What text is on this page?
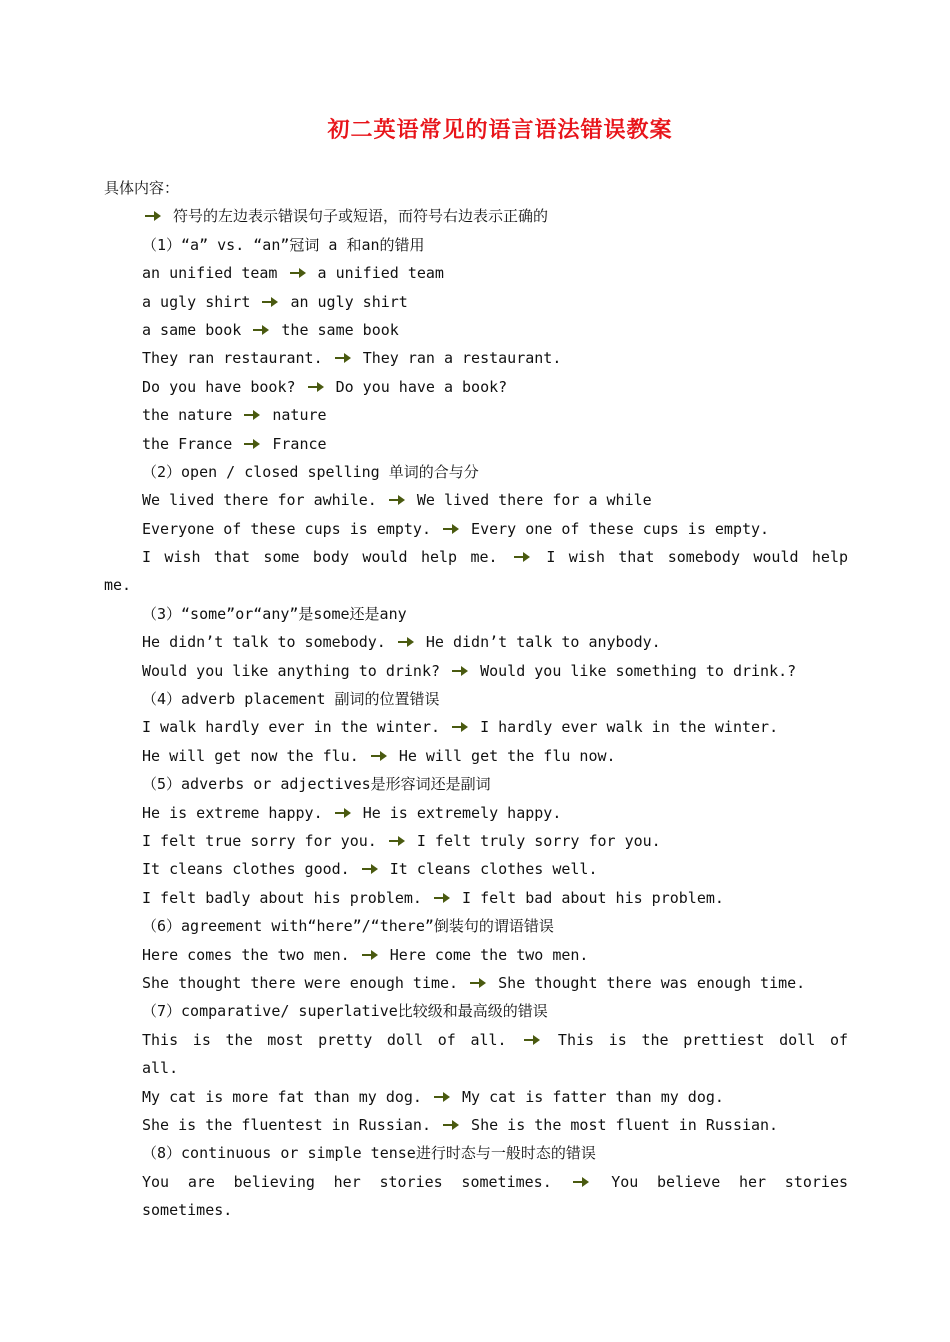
初二英语常见的语言语法错误教案
具体内容：
符号的左边表示错误句子或短语，而符号右边表示正确的
（1）“a” vs. “an”冠词 a 和an的错用
an unified team	a unified team
a ugly shirt	an ugly shirt
a same book	the same book
They ran restaurant.	They ran a restaurant.
Do you have book?	Do you have a book?
the nature	nature
the France	France
（2）open / closed spelling 单词的合与分
We lived there for awhile.	We lived there for a while
Everyone of these cups is empty.	Every one of these cups is empty.
I wish that some body would help me.	I wish that somebody would help
me.
（3）“some”or“any”是some还是any
He didn’t talk to somebody.	He didn’t talk to anybody.
Would you like anything to drink?	Would you like something to drink.?
（4）adverb placement 副词的位置错误
I walk hardly ever in the winter.	I hardly ever walk in the winter.
He will get now the flu.	He will get the flu now.
（5）adverbs or adjectives是形容词还是副词
He is extreme happy.	He is extremely happy.
I felt true sorry for you.	I felt truly sorry for you.
It cleans clothes good.	It cleans clothes well.
I felt badly about his problem.	I felt bad about his problem.
（6）agreement with“here”/“there”倒装句的谓语错误
Here comes the two men.	Here come the two men.
She thought there were enough time.	She thought there was enough time.
（7）comparative/ superlative比较级和最高级的错误
This is the most pretty doll of all.	This is the prettiest doll of
all.
My cat is more fat than my dog.	My cat is fatter than my dog.
She is the fluentest in Russian.	She is the most fluent in Russian.
（8）continuous or simple tense进行时态与一般时态的错误
You are believing her stories sometimes.	You believe her stories
sometimes.
